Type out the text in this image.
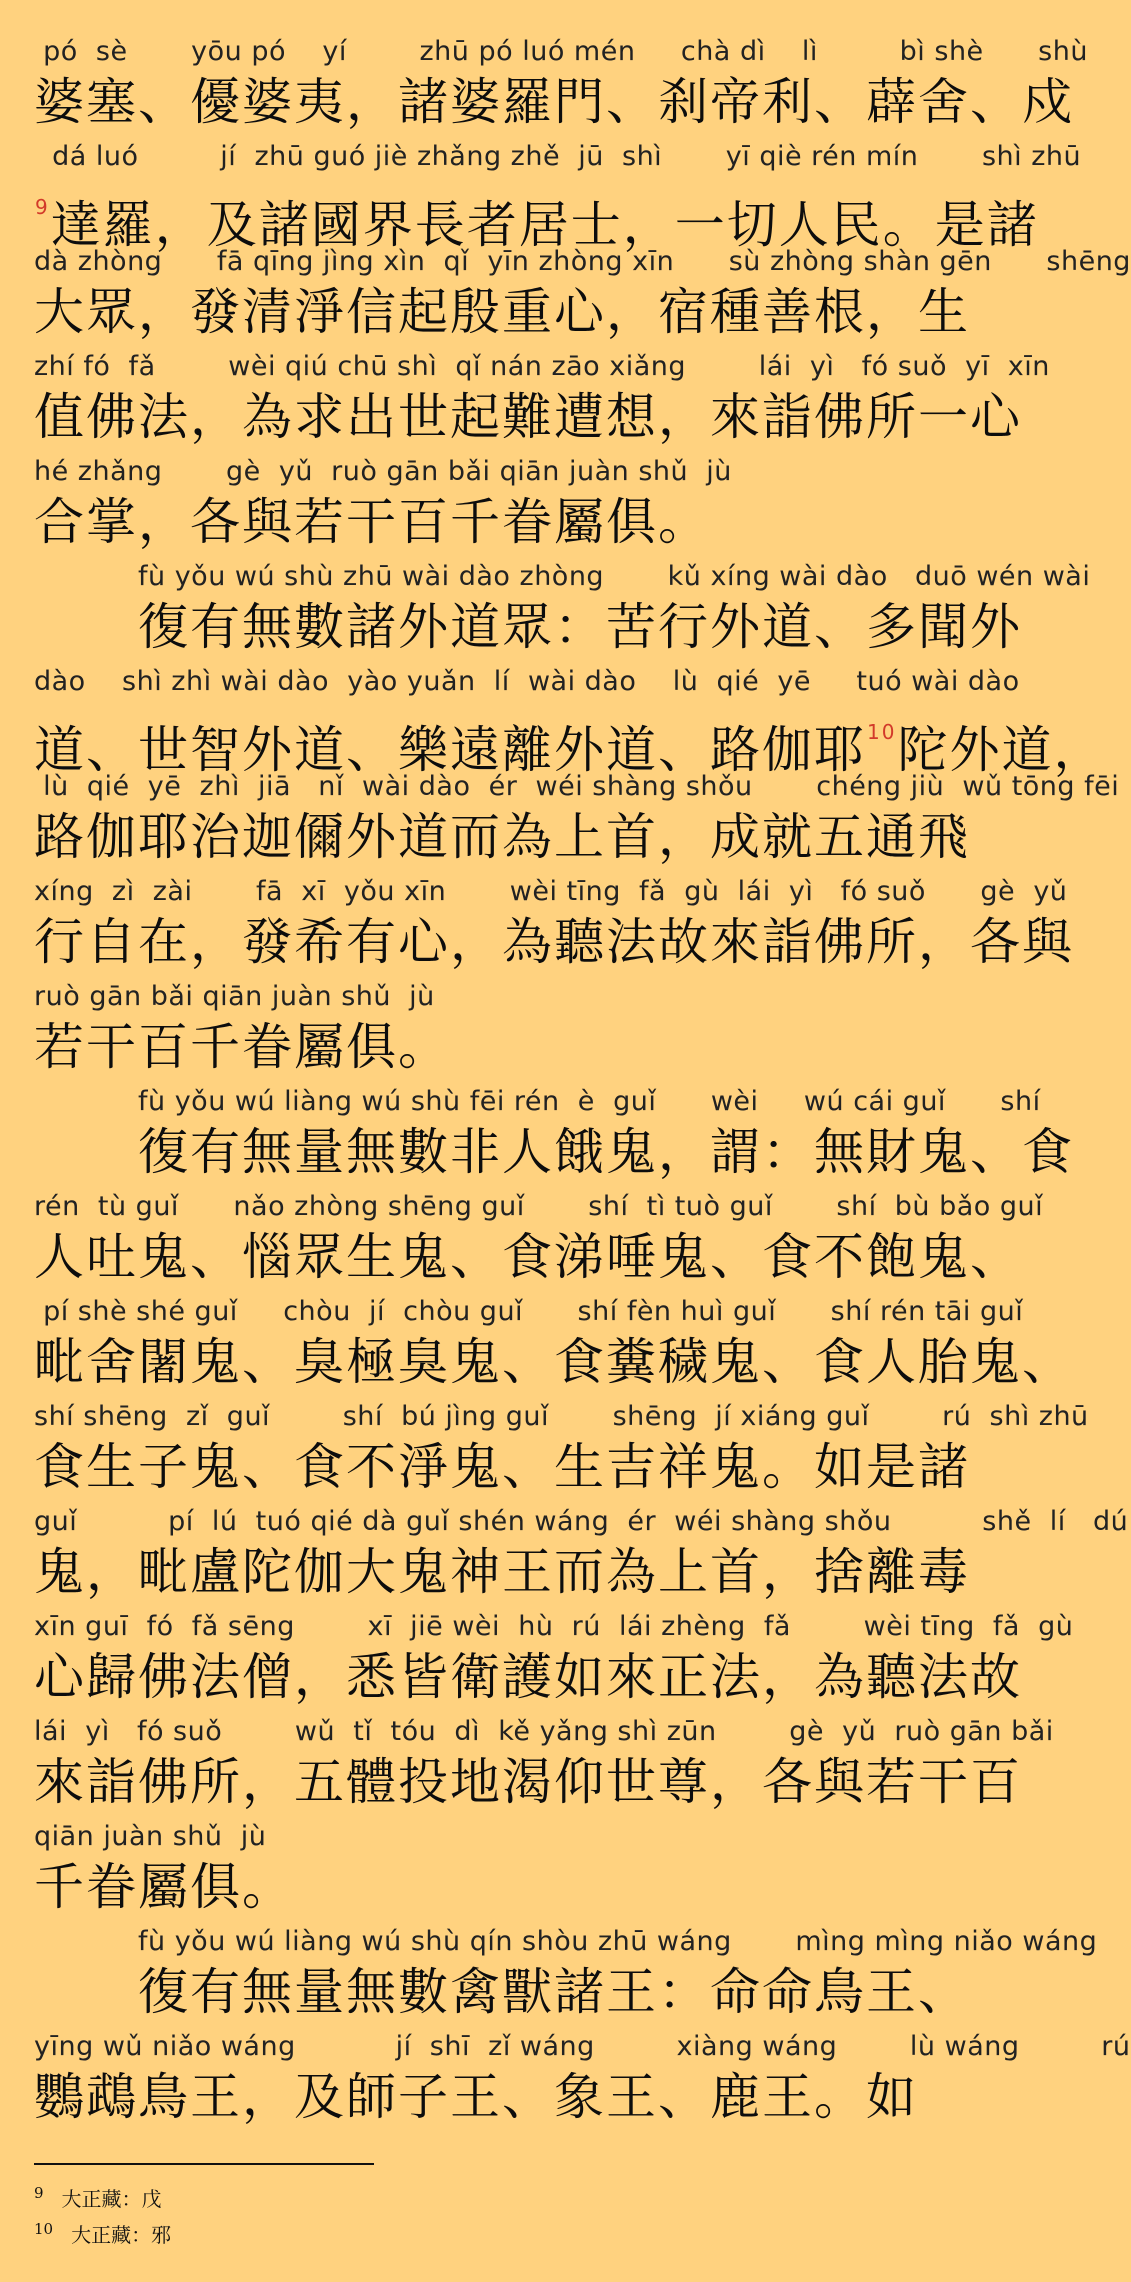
pó  sè       yōu pó    yí        zhū pó luó mén     chà dì    lì         bì shè      shù
婆塞、優婆夷，諸婆羅門、刹帝利、薜舍、戍
dá luó         jí  zhū guó jiè zhǎng zhě  jū  shì       yī qiè rén mín       shì zhū
$^9$達羅，及諸國界長者居士，一切人民。是諸
dà zhòng      fā qīng jìng xìn  qǐ  yīn zhòng xīn      sù zhòng shàn gēn      shēng
大眾，發清淨信起殷重心，宿種善根，生
zhí fó  fǎ        wèi qiú chū shì  qǐ nán zāo xiǎng        lái  yì   fó suǒ  yī  xīn
值佛法，為求出世起難遭想，來詣佛所一心
hé zhǎng       gè  yǔ  ruò gān bǎi qiān juàn shǔ  jù
合掌，各與若干百千眷屬俱。
fù yǒu wú shù zhū wài dào zhòng       kǔ xíng wài dào   duō wén wài
復有無數諸外道眾：苦行外道、多聞外
dào    shì zhì wài dào  yào yuǎn  lí  wài dào    lù  qié  yē     tuó wài dào
道、世智外道、樂遠離外道、路伽耶$^{10}$陀外道，
lù  qié  yē  zhì  jiā   nǐ  wài dào  ér  wéi shàng shǒu       chéng jiù  wǔ tōng fēi
路伽耶治迦儞外道而為上首，成就五通飛
xíng  zì  zài       fā  xī  yǒu xīn       wèi tīng  fǎ  gù  lái  yì   fó suǒ      gè  yǔ
行自在，發希有心，為聽法故來詣佛所，各與
ruò gān bǎi qiān juàn shǔ  jù
若干百千眷屬俱。
fù yǒu wú liàng wú shù fēi rén  è  guǐ      wèi     wú cái guǐ      shí
復有無量無數非人餓鬼，謂：無財鬼、食
rén  tù guǐ      nǎo zhòng shēng guǐ       shí  tì tuò guǐ       shí  bù bǎo guǐ
人吐鬼、惱眾生鬼、食涕唾鬼、食不飽鬼、
pí shè shé guǐ     chòu  jí  chòu guǐ      shí fèn huì guǐ      shí rén tāi guǐ
毗舍闍鬼、臭極臭鬼、食糞穢鬼、食人胎鬼、
shí shēng  zǐ  guǐ        shí  bú jìng guǐ       shēng  jí xiáng guǐ        rú  shì zhū
食生子鬼、食不淨鬼、生吉祥鬼。如是諸
guǐ          pí  lú  tuó qié dà guǐ shén wáng  ér  wéi shàng shǒu          shě  lí   dú
鬼，毗盧陀伽大鬼神王而為上首，捨離毒
xīn guī  fó  fǎ sēng        xī  jiē wèi  hù  rú  lái zhèng  fǎ        wèi tīng  fǎ  gù
心歸佛法僧，悉皆衛護如來正法，為聽法故
lái  yì   fó suǒ        wǔ  tǐ  tóu  dì  kě yǎng shì zūn        gè  yǔ  ruò gān bǎi
來詣佛所，五體投地渴仰世尊，各與若干百
qiān juàn shǔ  jù
千眷屬俱。
fù yǒu wú liàng wú shù qín shòu zhū wáng       mìng mìng niǎo wáng
復有無量無數禽獸諸王：命命鳥王、
yīng wǔ niǎo wáng           jí  shī  zǐ wáng         xiàng wáng        lù wáng         rú
鸚鵡鳥王，及師子王、象王、鹿王。如
$^9$ 大正藏：戊
$^{10}$ 大正藏：邪
